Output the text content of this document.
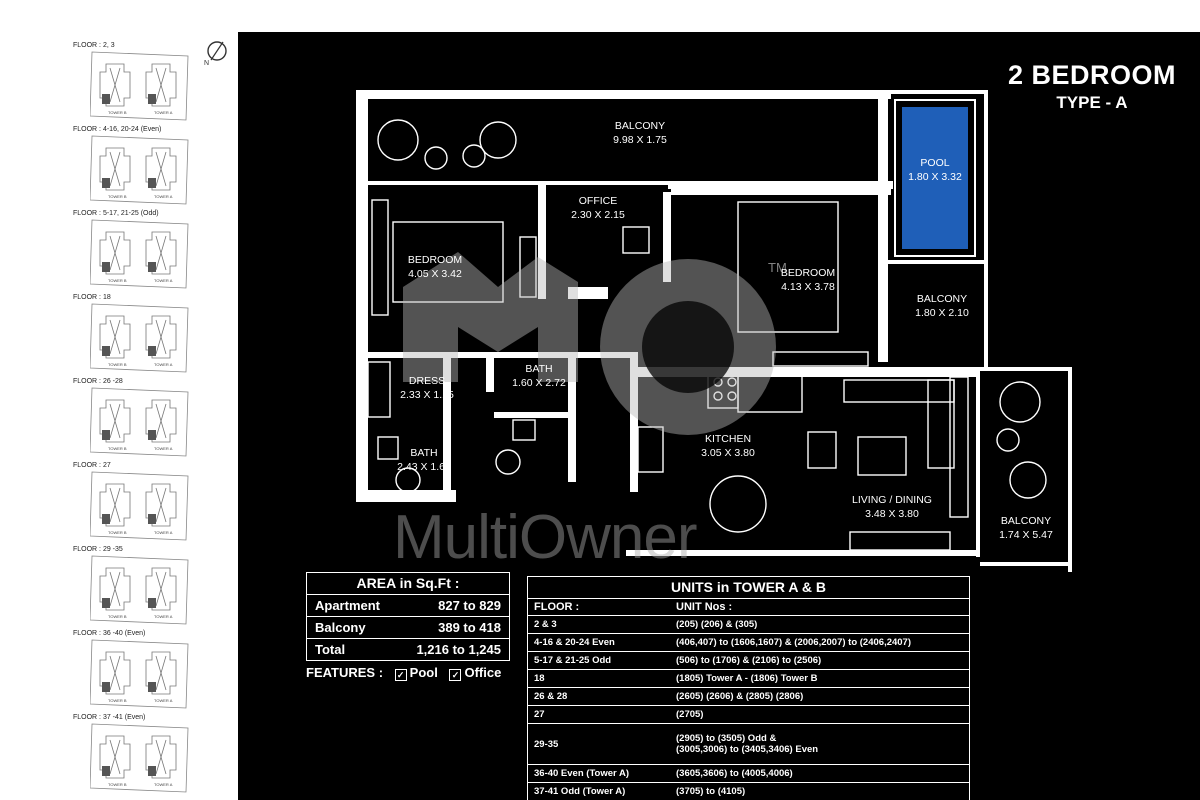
FLOOR : 2, 3
TOWER B	TOWER A
FLOOR : 4-16, 20-24 (Even)
TOWER B	TOWER A
FLOOR : 5-17, 21-25 (Odd)
TOWER B	TOWER A
FLOOR : 18
TOWER B	TOWER A
FLOOR : 26 -28
TOWER B	TOWER A
FLOOR : 27
TOWER B	TOWER A
FLOOR : 29 -35
TOWER B	TOWER A
FLOOR : 36 -40 (Even)
TOWER B	TOWER A
FLOOR : 37 -41 (Even)
TOWER B	TOWER A
N	2 BEDROOM
TYPE - A
TM
BALCONY
9.98 X 1.75
POOL
1.80 X 3.32
OFFICE
2.30 X 2.15
BEDROOM
4.05 X 3.42	BEDROOM
4.13 X 3.78
BALCONY
1.80 X 2.10
DRESS
2.33 X 1.15
BATH
1.60 X 2.72
BATH
2.43 X 1.66
KITCHEN
3.05 X 3.80
LIVING / DINING
3.48 X 3.80
BALCONY
1.74 X 5.47
MultiOwner
AREA in Sq.Ft :
Apartment	827 to 829
Balcony	389 to 418
Total	1,216 to 1,245
FEATURES : ✓ Pool ✓ Office
UNITS in TOWER A & B
FLOOR :	UNIT Nos :
2 & 3	(205) (206) & (305)
4-16 & 20-24 Even	(406,407) to (1606,1607) & (2006,2007) to (2406,2407)
5-17 & 21-25 Odd	(506) to (1706) & (2106) to (2506)
18	(1805) Tower A - (1806) Tower B
26 & 28	(2605) (2606) & (2805) (2806)
27	(2705)
29-35	(2905) to (3505) Odd &
(3005,3006) to (3405,3406) Even
36-40 Even (Tower A)	(3605,3606) to (4005,4006)
37-41 Odd (Tower A)	(3705) to (4105)
